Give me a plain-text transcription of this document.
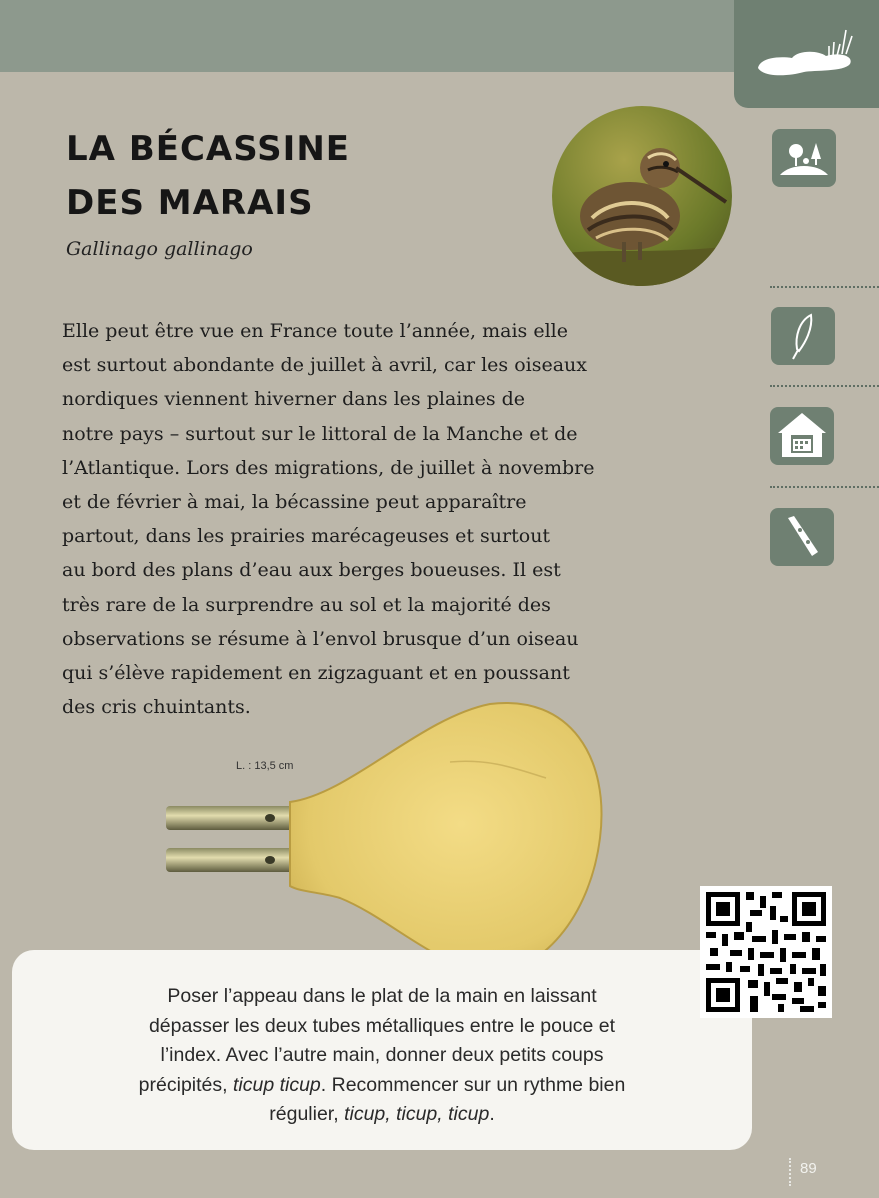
LA BÉCASSINE
DES MARAIS
Gallinago gallinago
Elle peut être vue en France toute l’année, mais elle
est surtout abondante de juillet à avril, car les oiseaux
nordiques viennent hiverner dans les plaines de
notre pays – surtout sur le littoral de la Manche et de
l’Atlantique. Lors des migrations, de juillet à novembre
et de février à mai, la bécassine peut apparaître
partout, dans les prairies marécageuses et surtout
au bord des plans d’eau aux berges boueuses. Il est
très rare de la surprendre au sol et la majorité des
observations se résume à l’envol brusque d’un oiseau
qui s’élève rapidement en zigzaguant et en poussant
des cris chuintants.
L. : 13,5 cm
Poser l’appeau dans le plat de la main en laissant
dépasser les deux tubes métalliques entre le pouce et
l’index. Avec l’autre main, donner deux petits coups
précipités, ticup ticup. Recommencer sur un rythme bien
régulier, ticup, ticup, ticup.
89
